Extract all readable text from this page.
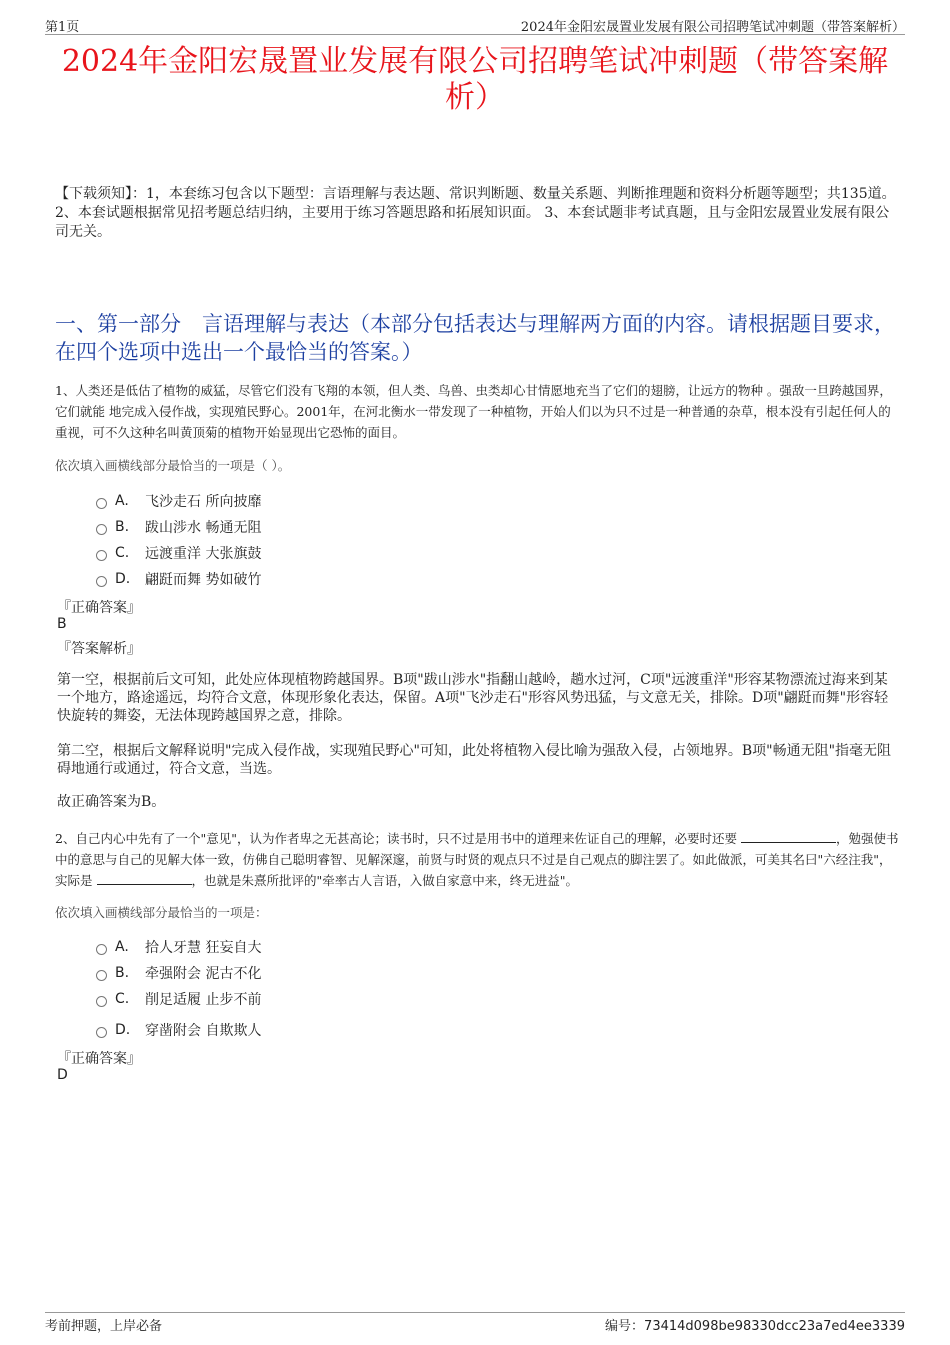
第1页	2024年金阳宏晟置业发展有限公司招聘笔试冲刺题（带答案解析）
2024年金阳宏晟置业发展有限公司招聘笔试冲刺题（带答案解析）
【下载须知】：1，本套练习包含以下题型：言语理解与表达题、常识判断题、数量关系题、判断推理题和资料分析题等题型；共135道。 2、本套试题根据常见招考题总结归纳，主要用于练习答题思路和拓展知识面。 3、本套试题非考试真题，且与金阳宏晟置业发展有限公司无关。
一、第一部分　言语理解与表达（本部分包括表达与理解两方面的内容。请根据题目要求，在四个选项中选出一个最恰当的答案。）
1、人类还是低估了植物的威猛，尽管它们没有飞翔的本领，但人类、鸟兽、虫类却心甘情愿地充当了它们的翅膀，让远方的物种 。强敌一旦跨越国界，它们就能 地完成入侵作战，实现殖民野心。2001年，在河北衡水一带发现了一种植物，开始人们以为只不过是一种普通的杂草，根本没有引起任何人的重视，可不久这种名叫黄顶菊的植物开始显现出它恐怖的面目。
依次填入画横线部分最恰当的一项是（ ）。
A.	飞沙走石 所向披靡
B.	跋山涉水 畅通无阻
C.	远渡重洋 大张旗鼓
D.	翩跹而舞 势如破竹
『正确答案』
B
『答案解析』
第一空，根据前后文可知，此处应体现植物跨越国界。B项"跋山涉水"指翻山越岭，趟水过河，C项"远渡重洋"形容某物漂流过海来到某一个地方，路途遥远，均符合文意，体现形象化表达，保留。A项"飞沙走石"形容风势迅猛，与文意无关，排除。D项"翩跹而舞"形容轻快旋转的舞姿，无法体现跨越国界之意，排除。
第二空，根据后文解释说明"完成入侵作战，实现殖民野心"可知，此处将植物入侵比喻为强敌入侵，占领地界。B项"畅通无阻"指毫无阻碍地通行或通过，符合文意，当选。
故正确答案为B。
2、自己内心中先有了一个"意见"，认为作者卑之无甚高论；读书时，只不过是用书中的道理来佐证自己的理解，必要时还要	，勉强使书中的意思与自己的见解大体一致，仿佛自己聪明睿智、见解深邃，前贤与时贤的观点只不过是自己观点的脚注罢了。如此做派，可美其名曰"六经注我"，实际是	，也就是朱熹所批评的"牵率古人言语，入做自家意中来，终无进益"。
依次填入画横线部分最恰当的一项是：
A.	拾人牙慧 狂妄自大
B.	牵强附会 泥古不化
C.	削足适履 止步不前
D.	穿凿附会 自欺欺人
『正确答案』
D
考前押题，上岸必备	编号：73414d098be98330dcc23a7ed4ee3339
